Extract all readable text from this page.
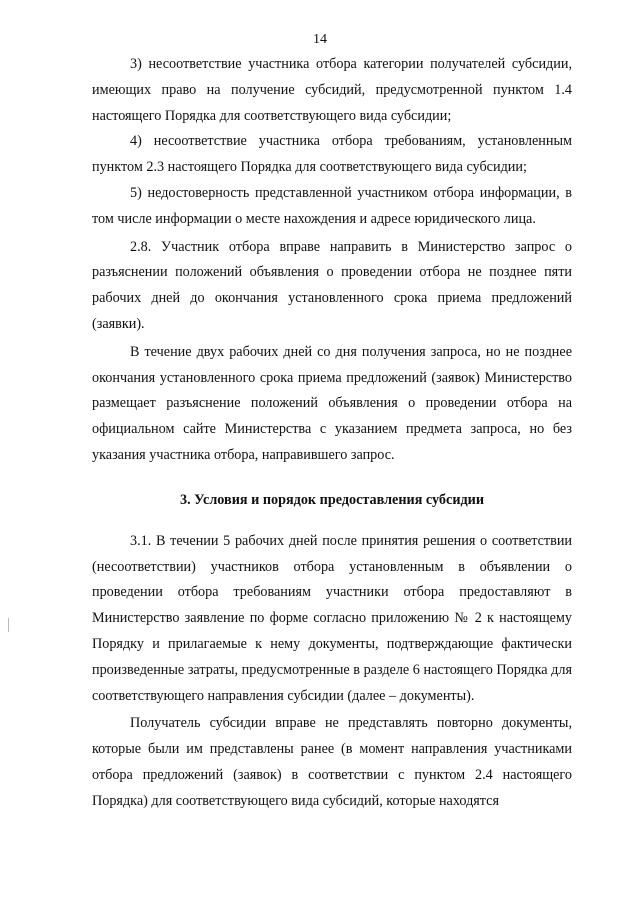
14

3) несоответствие участника отбора категории получателей субсидии, имеющих право на получение субсидий, предусмотренной пунктом 1.4 настоящего Порядка для соответствующего вида субсидии;

4) несоответствие участника отбора требованиям, установленным пунктом 2.3 настоящего Порядка для соответствующего вида субсидии;

5) недостоверность представленной участником отбора информации, в том числе информации о месте нахождения и адресе юридического лица.

2.8. Участник отбора вправе направить в Министерство запрос о разъяснении положений объявления о проведении отбора не позднее пяти рабочих дней до окончания установленного срока приема предложений (заявки).

В течение двух рабочих дней со дня получения запроса, но не позднее окончания установленного срока приема предложений (заявок) Министерство размещает разъяснение положений объявления о проведении отбора на официальном сайте Министерства с указанием предмета запроса, но без указания участника отбора, направившего запрос.

3. Условия и порядок предоставления субсидии

3.1. В течении 5 рабочих дней после принятия решения о соответствии (несоответствии) участников отбора установленным в объявлении о проведении отбора требованиям участники отбора предоставляют в Министерство заявление по форме согласно приложению № 2 к настоящему Порядку и прилагаемые к нему документы, подтверждающие фактически произведенные затраты, предусмотренные в разделе 6 настоящего Порядка для соответствующего направления субсидии (далее – документы).

Получатель субсидии вправе не представлять повторно документы, которые были им представлены ранее (в момент направления участниками отбора предложений (заявок) в соответствии с пунктом 2.4 настоящего Порядка) для соответствующего вида субсидий, которые находятся
